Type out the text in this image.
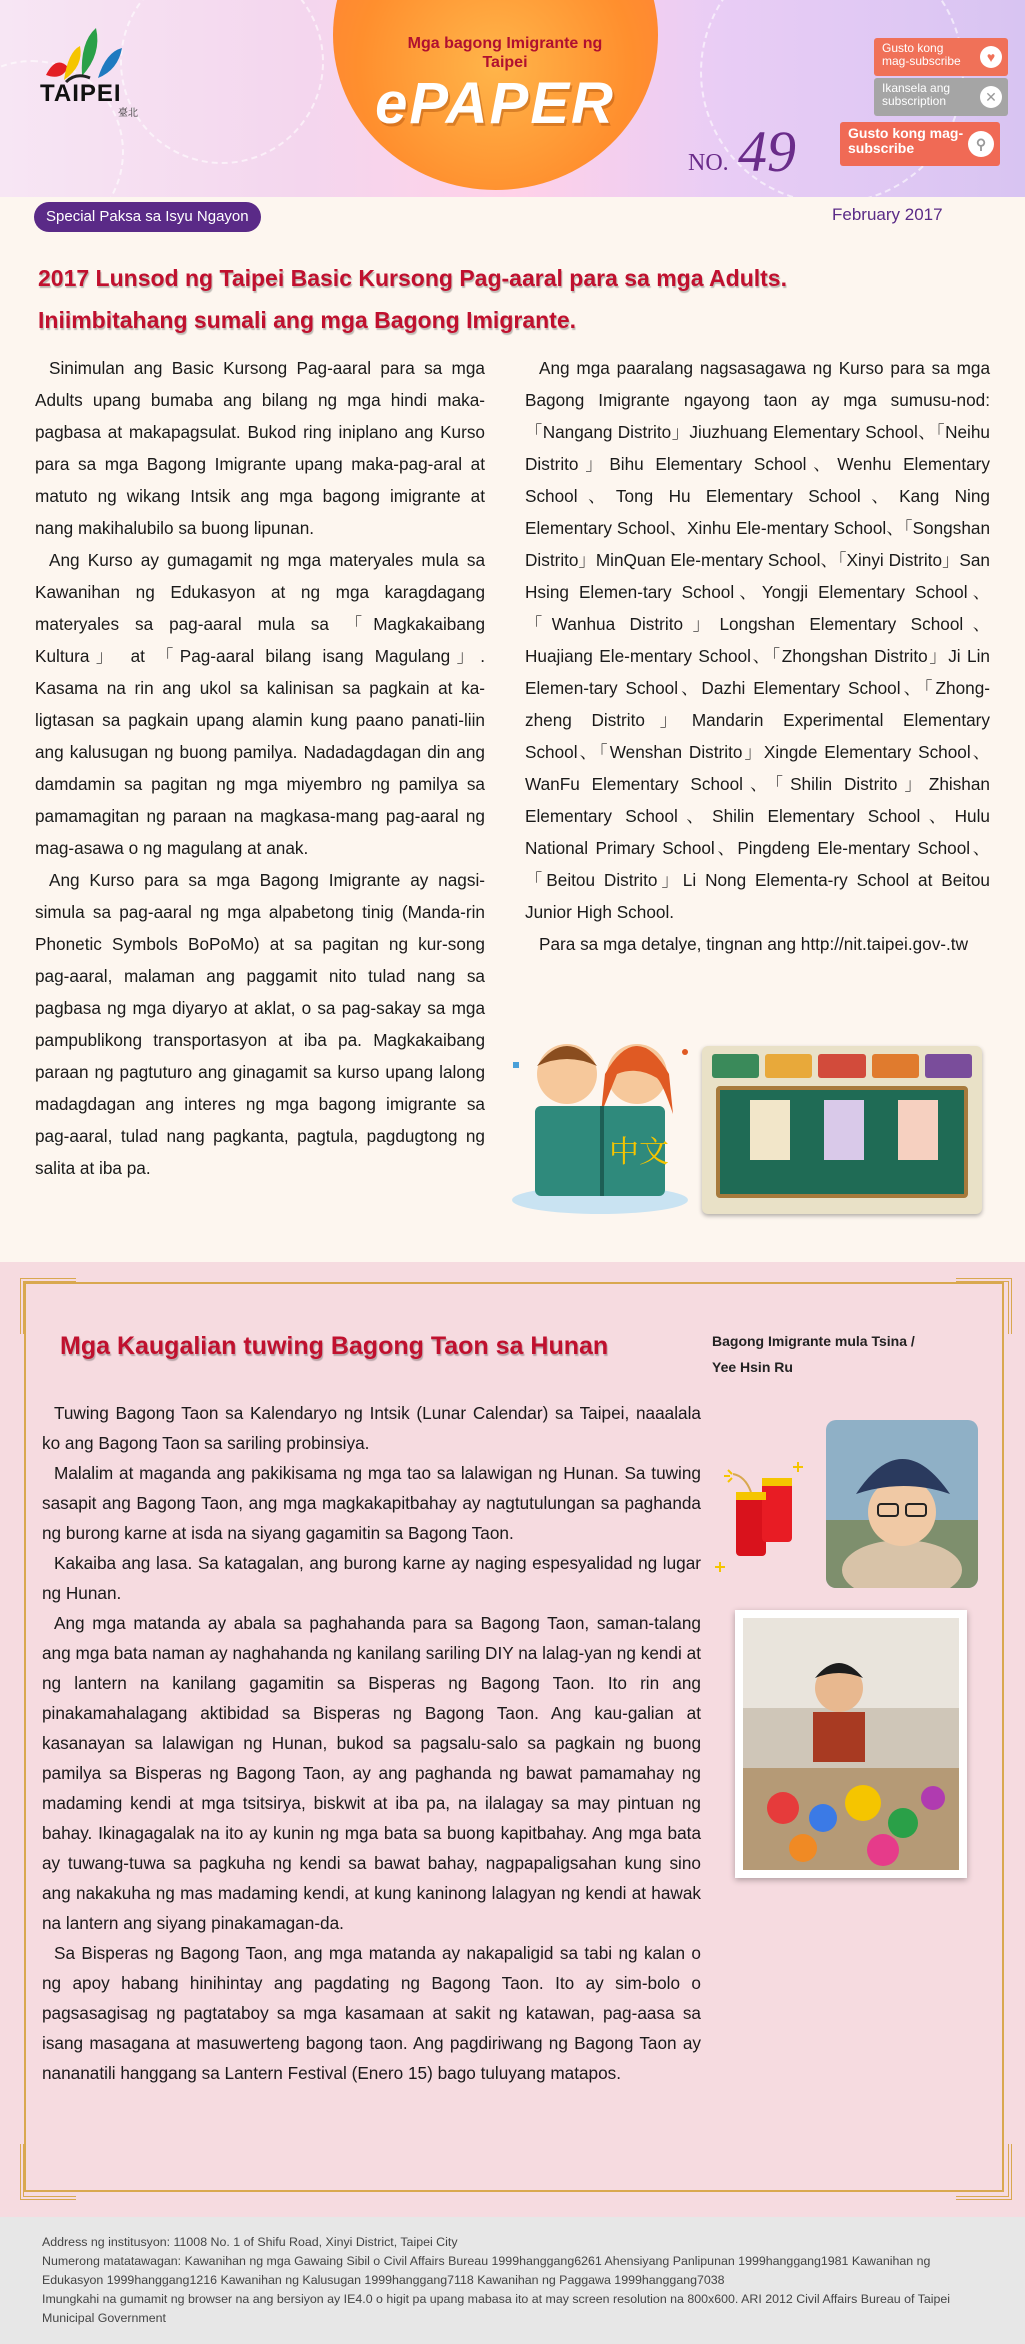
TAIPEI
臺北
Mga bagong Imigrante ng Taipei
ePAPER
NO. 49
Gusto kong mag-subscribe	♥
Ikansela ang subscription	✕
Gusto kong mag-subscribe	⚲
Special Paksa sa Isyu Ngayon	February 2017
2017 Lunsod ng Taipei Basic Kursong Pag-aaral para sa mga Adults.
Iniimbitahang sumali ang mga Bagong Imigrante.

Sinimulan ang Basic Kursong Pag-aaral para sa mga Adults upang bumaba ang bilang ng mga hindi maka-pagbasa at makapagsulat. Bukod ring iniplano ang Kurso para sa mga Bagong Imigrante upang maka-pag-aral at matuto ng wikang Intsik ang mga bagong imigrante at nang makihalubilo sa buong lipunan.

Ang Kurso ay gumagamit ng mga materyales mula sa Kawanihan ng Edukasyon at ng mga karagdagang materyales sa pag-aaral mula sa 「Magkakaibang Kultura」 at 「Pag-aaral bilang isang Magulang」. Kasama na rin ang ukol sa kalinisan sa pagkain at ka-ligtasan sa pagkain upang alamin kung paano panati-liin ang kalusugan ng buong pamilya. Nadadagdagan din ang damdamin sa pagitan ng mga miyembro ng pamilya sa pamamagitan ng paraan na magkasa-mang pag-aaral ng mag-asawa o ng magulang at anak.

Ang Kurso para sa mga Bagong Imigrante ay nagsi-simula sa pag-aaral ng mga alpabetong tinig (Manda-rin Phonetic Symbols BoPoMo) at sa pagitan ng kur-song pag-aaral, malaman ang paggamit nito tulad nang sa pagbasa ng mga diyaryo at aklat, o sa pag-sakay sa mga pampublikong transportasyon at iba pa. Magkakaibang paraan ng pagtuturo ang ginagamit sa kurso upang lalong madagdagan ang interes ng mga bagong imigrante sa pag-aaral, tulad nang pagkanta, pagtula, pagdugtong ng salita at iba pa.

Ang mga paaralang nagsasagawa ng Kurso para sa mga Bagong Imigrante ngayong taon ay mga sumusu-nod: 「Nangang Distrito」Jiuzhuang Elementary School、「Neihu Distrito」Bihu Elementary School、Wenhu Elementary School、Tong Hu Elementary School、Kang Ning Elementary School、Xinhu Ele-mentary School、「Songshan Distrito」MinQuan Ele-mentary School、「Xinyi Distrito」San Hsing Elemen-tary School、Yongji Elementary School、「Wanhua Distrito」Longshan Elementary School、Huajiang Ele-mentary School、「Zhongshan Distrito」Ji Lin Elemen-tary School、Dazhi Elementary School、「Zhong-zheng Distrito」Mandarin Experimental Elementary School、「Wenshan Distrito」Xingde Elementary School、WanFu Elementary School、「Shilin Distrito」Zhishan Elementary School、Shilin Elementary School、Hulu National Primary School、Pingdeng Ele-mentary School、「Beitou Distrito」Li Nong Elementa-ry School at Beitou Junior High School.

Para sa mga detalye, tingnan ang http://nit.taipei.gov-.tw

中文
Mga Kaugalian tuwing Bagong Taon sa Hunan	Bagong Imigrante mula Tsina /
Yee Hsin Ru

Tuwing Bagong Taon sa Kalendaryo ng Intsik (Lunar Calendar) sa Taipei, naaalala ko ang Bagong Taon sa sariling probinsiya.

Malalim at maganda ang pakikisama ng mga tao sa lalawigan ng Hunan. Sa tuwing sasapit ang Bagong Taon, ang mga magkakapitbahay ay nagtutulungan sa paghanda ng burong karne at isda na siyang gagamitin sa Bagong Taon.

Kakaiba ang lasa. Sa katagalan, ang burong karne ay naging espesyalidad ng lugar ng Hunan.

Ang mga matanda ay abala sa paghahanda para sa Bagong Taon, saman-talang ang mga bata naman ay naghahanda ng kanilang sariling DIY na lalag-yan ng kendi at ng lantern na kanilang gagamitin sa Bisperas ng Bagong Taon. Ito rin ang pinakamahalagang aktibidad sa Bisperas ng Bagong Taon. Ang kau-galian at kasanayan sa lalawigan ng Hunan, bukod sa pagsalu-salo sa pagkain ng buong pamilya sa Bisperas ng Bagong Taon, ay ang paghanda ng bawat pamamahay ng madaming kendi at mga tsitsirya, biskwit at iba pa, na ilalagay sa may pintuan ng bahay. Ikinagagalak na ito ay kunin ng mga bata sa buong kapitbahay. Ang mga bata ay tuwang-tuwa sa pagkuha ng kendi sa bawat bahay, nagpapaligsahan kung sino ang nakakuha ng mas madaming kendi, at kung kaninong lalagyan ng kendi at hawak na lantern ang siyang pinakamagan-da.

Sa Bisperas ng Bagong Taon, ang mga matanda ay nakapaligid sa tabi ng kalan o ng apoy habang hinihintay ang pagdating ng Bagong Taon. Ito ay sim-bolo o pagsasagisag ng pagtataboy sa mga kasamaan at sakit ng katawan, pag-aasa sa isang masagana at masuwerteng bagong taon. Ang pagdiriwang ng Bagong Taon ay nananatili hanggang sa Lantern Festival (Enero 15) bago tuluyang matapos.

Address ng institusyon: 11008 No. 1 of Shifu Road, Xinyi District, Taipei City
Numerong matatawagan: Kawanihan ng mga Gawaing Sibil o Civil Affairs Bureau 1999hanggang6261 Ahensiyang Panlipunan 1999hanggang1981 Kawanihan ng Edukasyon 1999hanggang1216 Kawanihan ng Kalusugan 1999hanggang7118 Kawanihan ng Paggawa 1999hanggang7038
Imungkahi na gumamit ng browser na ang bersiyon ay IE4.0 o higit pa upang mabasa ito at may screen resolution na 800x600. ARI 2012 Civil Affairs Bureau of Taipei Municipal Government
